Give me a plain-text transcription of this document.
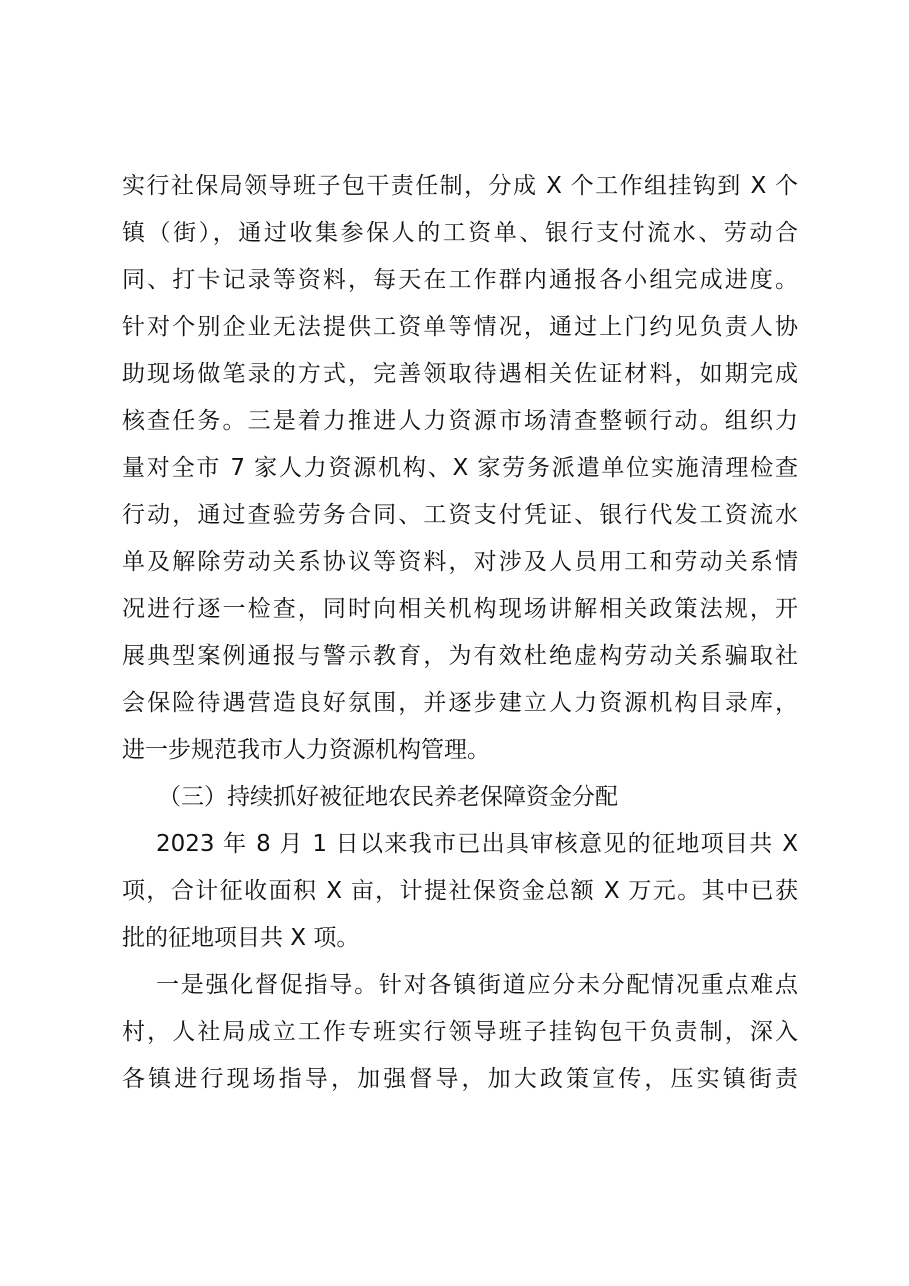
实行社保局领导班子包干责任制，分成 X 个工作组挂钩到 X 个
镇（街），通过收集参保人的工资单、银行支付流水、劳动合
同、打卡记录等资料，每天在工作群内通报各小组完成进度。
针对个别企业无法提供工资单等情况，通过上门约见负责人协
助现场做笔录的方式，完善领取待遇相关佐证材料，如期完成
核查任务。三是着力推进人力资源市场清查整顿行动。组织力
量对全市 7 家人力资源机构、X 家劳务派遣单位实施清理检查
行动，通过查验劳务合同、工资支付凭证、银行代发工资流水
单及解除劳动关系协议等资料，对涉及人员用工和劳动关系情
况进行逐一检查，同时向相关机构现场讲解相关政策法规，开
展典型案例通报与警示教育，为有效杜绝虚构劳动关系骗取社
会保险待遇营造良好氛围，并逐步建立人力资源机构目录库，
进一步规范我市人力资源机构管理。
（三）持续抓好被征地农民养老保障资金分配
2023 年 8 月 1 日以来我市已出具审核意见的征地项目共 X
项，合计征收面积 X 亩，计提社保资金总额 X 万元。其中已获
批的征地项目共 X 项。
一是强化督促指导。针对各镇街道应分未分配情况重点难点
村，人社局成立工作专班实行领导班子挂钩包干负责制，深入
各镇进行现场指导，加强督导，加大政策宣传，压实镇街责
